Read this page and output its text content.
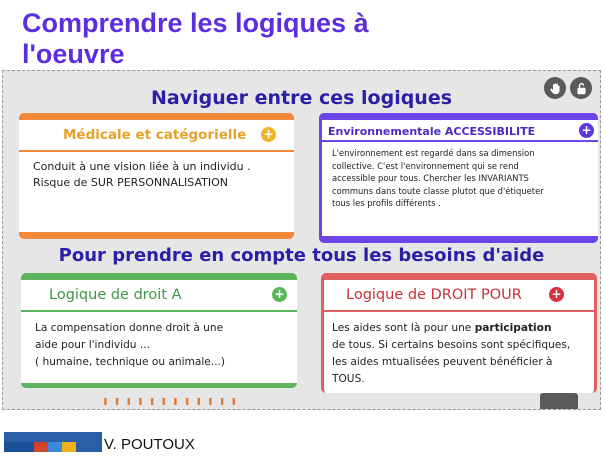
Comprendre les logiques à l'oeuvre
Naviguer entre ces logiques
Médicale et catégorielle	+
Conduit à une vision liée à un individu .
Risque de SUR PERSONNALISATION
Environnementale ACCESSIBILITE	+
L'environnement est regardé dans sa dimension
collective. C'est l'environnement qui se rend
accessible pour tous. Chercher les INVARIANTS
communs dans toute classe plutot que d'étiqueter
tous les profils différents .
Pour prendre en compte tous les besoins d'aide
Logique de droit A	+
La compensation donne droit à une
aide pour l'individu ...
( humaine, technique ou animale...)
Logique de DROIT POUR	+
Les aides sont là pour une participation
de tous. Si certains besoins sont spécifiques, les aides mtualisées peuvent bénéficier à TOUS.
ı ı ı ı ı ı ı ı ı ı ı ı
V. POUTOUX
